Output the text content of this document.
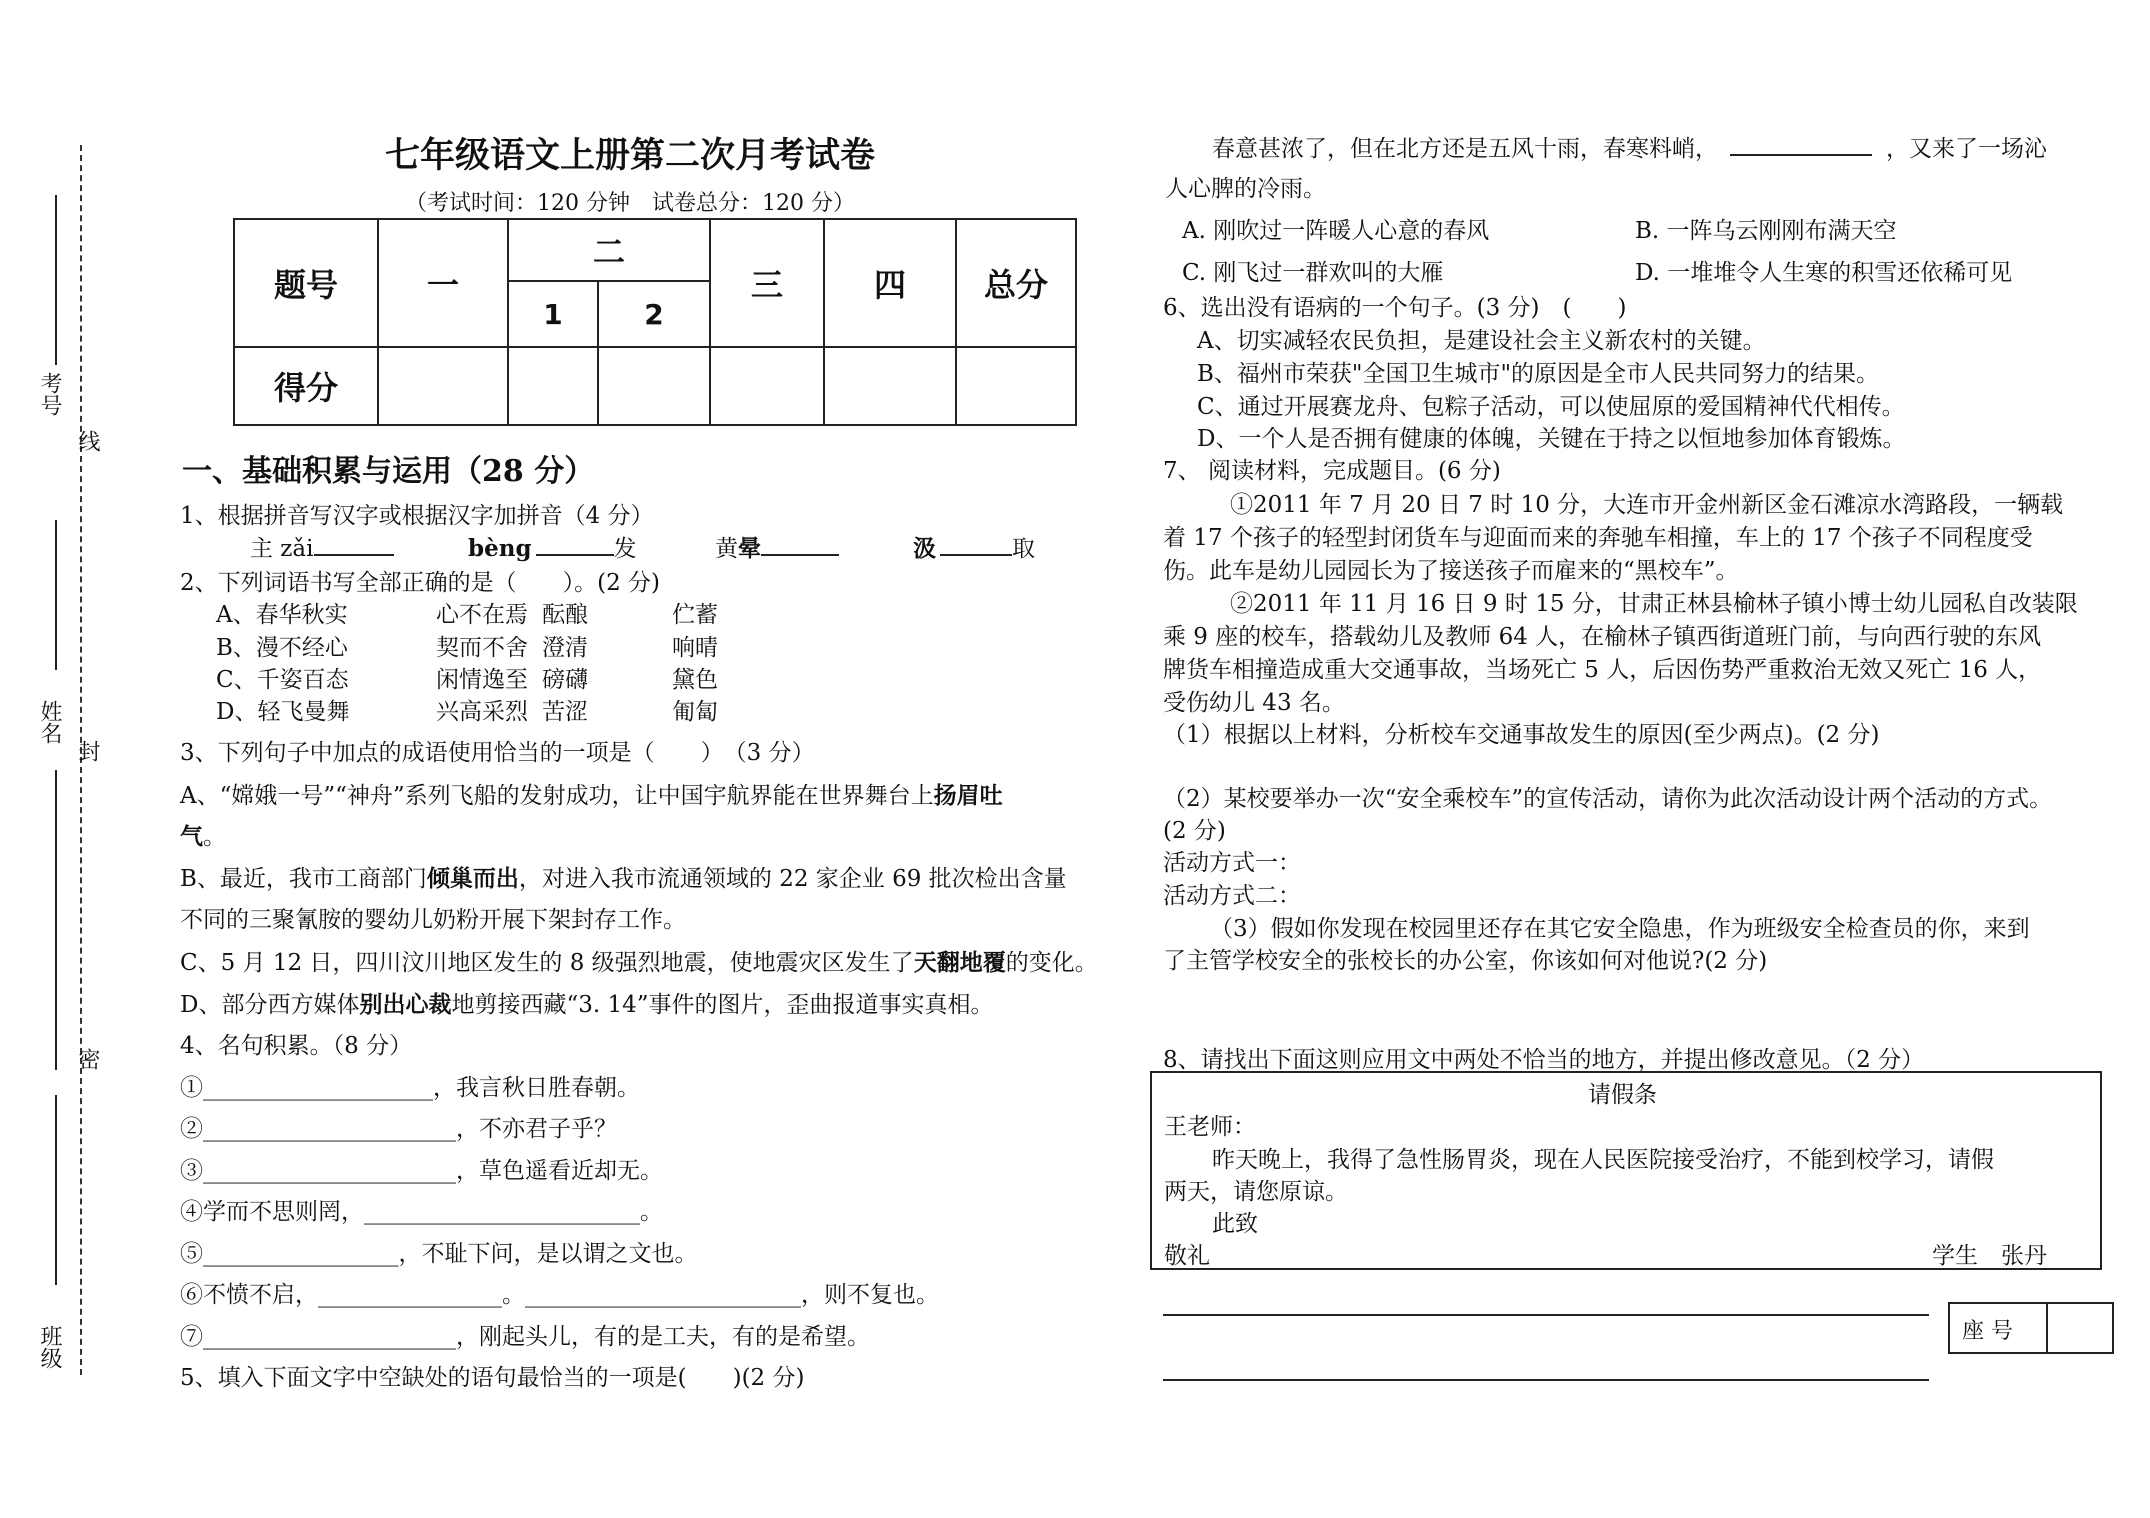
考号
线
姓名
封
密
班级
七年级语文上册第二次月考试卷
（考试时间：120 分钟　试卷总分：120 分）
题号	一	二		三	四	总分
		1	2			
得分						
一、基础积累与运用（28 分）
1、根据拼音写汉字或根据汉字加拼音（4 分）
主 zǎi	bèng	发	黄晕	汲	取
2、下列词语书写全部正确的是（　　）。(2 分)
A、春华秋实	心不在焉 酝酿	伫蓄
B、漫不经心	契而不舍 澄清	响晴
C、千姿百态	闲情逸至 磅礴	黛色
D、轻飞曼舞	兴高采烈 苦涩	匍匐
3、下列句子中加点的成语使用恰当的一项是（　　）　（3 分）
A、“嫦娥一号”“神舟”系列飞船的发射成功，让中国宇航界能在世界舞台上扬眉吐
气。
B、最近，我市工商部门倾巢而出，对进入我市流通领域的 22 家企业 69 批次检出含量
不同的三聚氰胺的婴幼儿奶粉开展下架封存工作。
C、5 月 12 日，四川汶川地区发生的 8 级强烈地震，使地震灾区发生了天翻地覆的变化。
D、部分西方媒体别出心裁地剪接西藏“3. 14”事件的图片，歪曲报道事实真相。
4、名句积累。（8 分）
①____________________，我言秋日胜春朝。
②______________________，不亦君子乎？
③______________________，草色遥看近却无。
④学而不思则罔，________________________。
⑤_________________，不耻下问，是以谓之文也。
⑥不愤不启，________________。________________________，则不复也。
⑦______________________，刚起头儿，有的是工夫，有的是希望。
5、填入下面文字中空缺处的语句最恰当的一项是(　　)(2 分)
春意甚浓了，但在北方还是五风十雨，春寒料峭，	，又来了一场沁
人心脾的冷雨。
A. 刚吹过一阵暖人心意的春风	B. 一阵乌云刚刚布满天空
C. 刚飞过一群欢叫的大雁	D. 一堆堆令人生寒的积雪还依稀可见
6、选出没有语病的一个句子。(3 分)　(　　)
A、切实减轻农民负担，是建设社会主义新农村的关键。
B、福州市荣获"全国卫生城市"的原因是全市人民共同努力的结果。
C、通过开展赛龙舟、包粽子活动，可以使屈原的爱国精神代代相传。
D、一个人是否拥有健康的体魄，关键在于持之以恒地参加体育锻炼。
7、 阅读材料，完成题目。(6 分)
①2011 年 7 月 20 日 7 时 10 分，大连市开金州新区金石滩凉水湾路段，一辆载
着 17 个孩子的轻型封闭货车与迎面而来的奔驰车相撞，车上的 17 个孩子不同程度受
伤。此车是幼儿园园长为了接送孩子而雇来的“黑校车”。
②2011 年 11 月 16 日 9 时 15 分，甘肃正林县榆林子镇小博士幼儿园私自改装限
乘 9 座的校车，搭载幼儿及教师 64 人，在榆林子镇西街道班门前，与向西行驶的东风
牌货车相撞造成重大交通事故，当场死亡 5 人，后因伤势严重救治无效又死亡 16 人，
受伤幼儿 43 名。
（1）根据以上材料，分析校车交通事故发生的原因(至少两点)。(2 分)
（2）某校要举办一次“安全乘校车”的宣传活动，请你为此次活动设计两个活动的方式。
(2 分)
活动方式一：
活动方式二：
（3）假如你发现在校园里还存在其它安全隐患，作为班级安全检查员的你，来到
了主管学校安全的张校长的办公室，你该如何对他说?(2 分)
8、请找出下面这则应用文中两处不恰当的地方，并提出修改意见。（2 分）
请假条
王老师：
昨天晚上，我得了急性肠胃炎，现在人民医院接受治疗，不能到校学习，请假
两天，请您原谅。
此致
敬礼	学生　张丹
座 号
